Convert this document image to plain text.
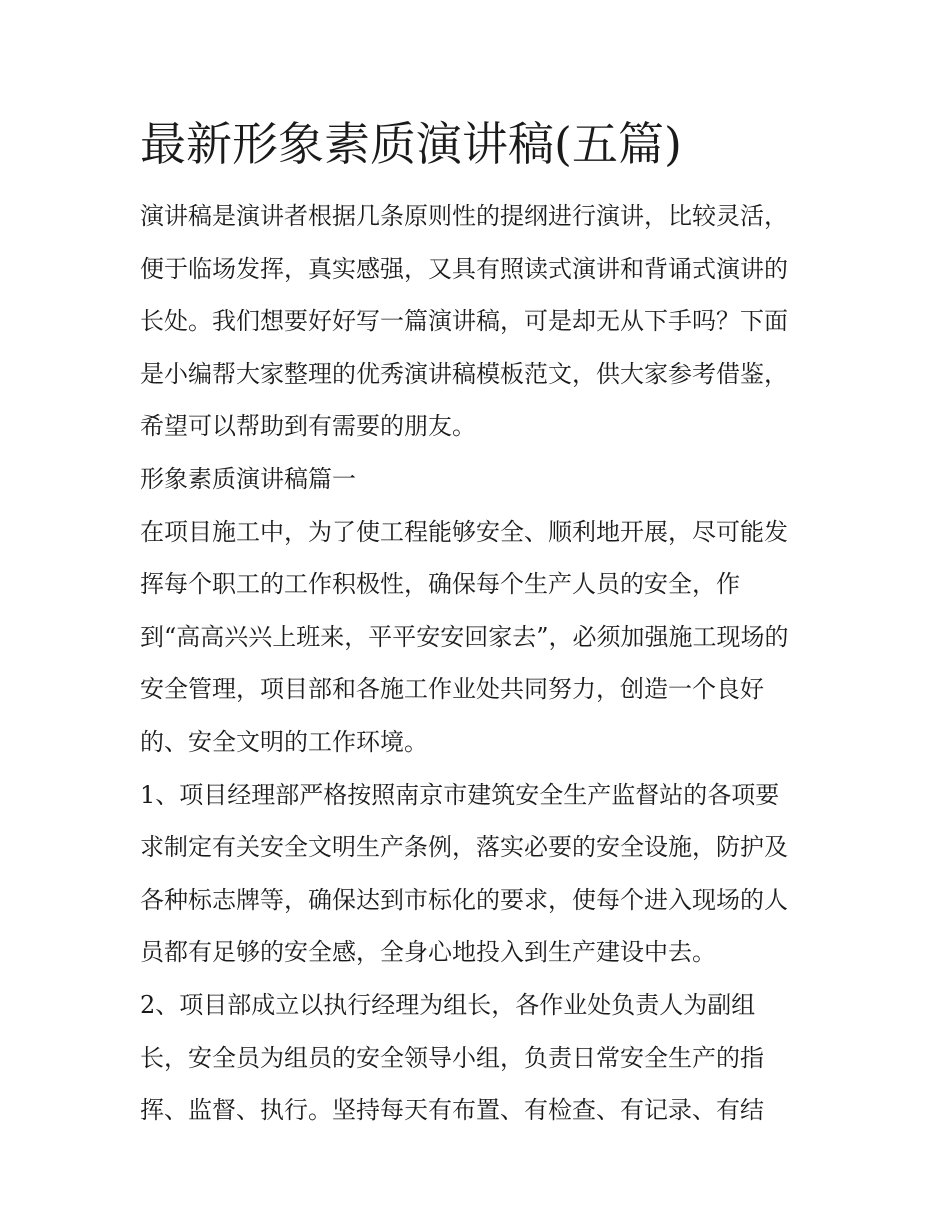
最新形象素质演讲稿(五篇)
演讲稿是演讲者根据几条原则性的提纲进行演讲，比较灵活，
便于临场发挥，真实感强，又具有照读式演讲和背诵式演讲的
长处。我们想要好好写一篇演讲稿，可是却无从下手吗？下面
是小编帮大家整理的优秀演讲稿模板范文，供大家参考借鉴，
希望可以帮助到有需要的朋友。
形象素质演讲稿篇一
在项目施工中，为了使工程能够安全、顺利地开展，尽可能发
挥每个职工的工作积极性，确保每个生产人员的安全，作
到“高高兴兴上班来，平平安安回家去”，必须加强施工现场的
安全管理，项目部和各施工作业处共同努力，创造一个良好
的、安全文明的工作环境。
1、项目经理部严格按照南京市建筑安全生产监督站的各项要
求制定有关安全文明生产条例，落实必要的安全设施，防护及
各种标志牌等，确保达到市标化的要求，使每个进入现场的人
员都有足够的安全感，全身心地投入到生产建设中去。
2、项目部成立以执行经理为组长，各作业处负责人为副组
长，安全员为组员的安全领导小组，负责日常安全生产的指
挥、监督、执行。坚持每天有布置、有检查、有记录、有结
